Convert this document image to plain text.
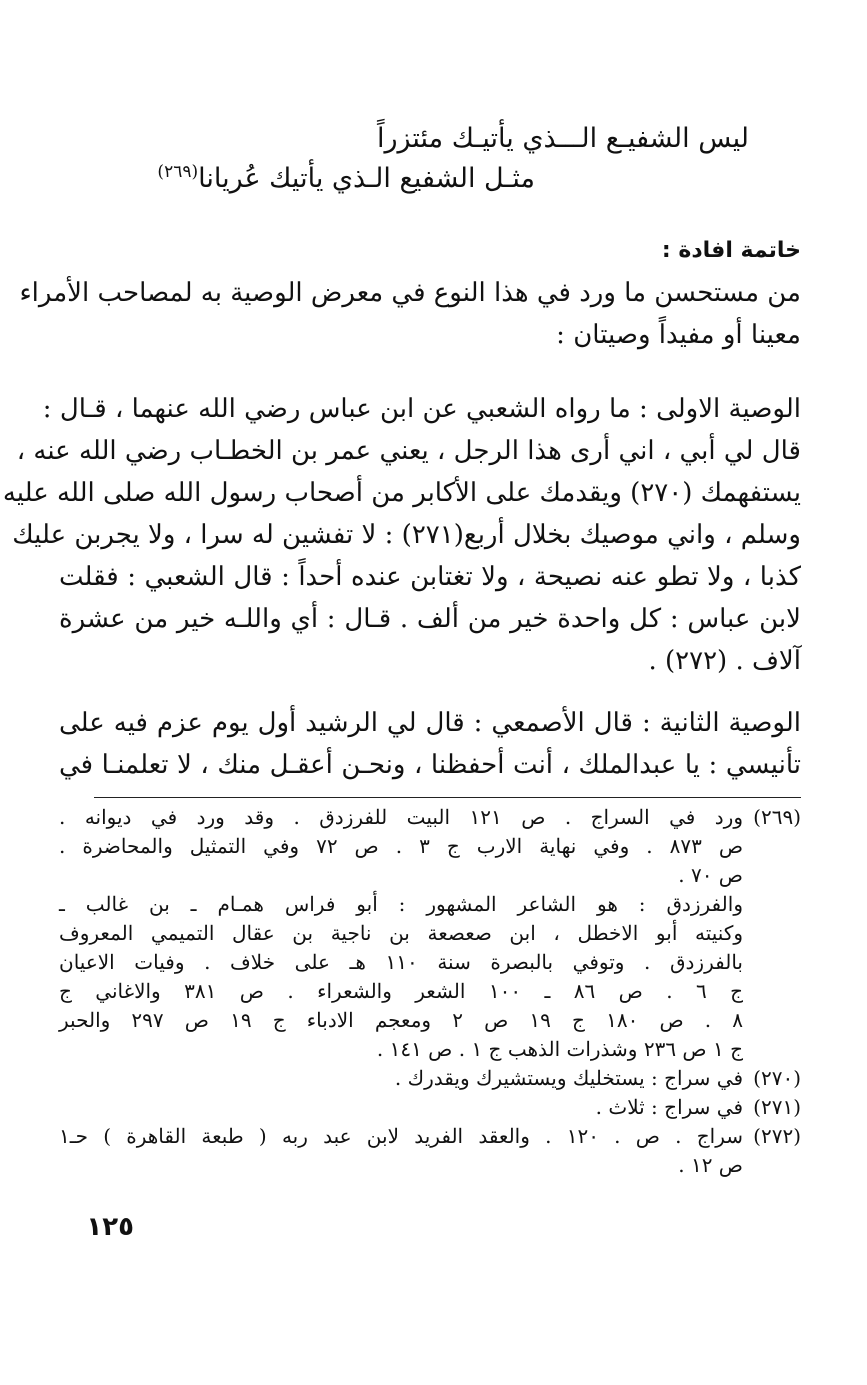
ليس الشفيـع الـــذي يأتيـك مئتزراً
مثـل الشفيع الـذي يأتيك عُريانا$^{(٢٦٩)}$
خاتمة افادة :
من مستحسن ما ورد في هذا النوع في معرض الوصية به لمصاحب الأمراء
معينا أو مفيداً وصيتان :
الوصية الاولى : ما رواه الشعبي عن ابن عباس رضي الله عنهما ، قـال :
قال لي أبي ، اني أرى هذا الرجل ، يعني عمر بن الخطـاب رضي الله عنه ،
يستفهمك (٢٧٠) ويقدمك على الأكابر من أصحاب رسول الله صلى الله عليه
وسلم ، واني موصيك بخلال أربع(٢٧١) : لا تفشين له سرا ، ولا يجربن عليك
كذبا ، ولا تطو عنه نصيحة ، ولا تغتابن عنده أحداً : قال الشعبي : فقلت
لابن عباس : كل واحدة خير من ألف . قـال : أي واللـه خير من عشرة
آلاف . (٢٧٢) .
الوصية الثانية : قال الأصمعي : قال لي الرشيد أول يوم عزم فيه على
تأنيسي : يا عبدالملك ، أنت أحفظنا ، ونحـن أعقـل منك ، لا تعلمنـا في
(٢٦٩)
ورد في السراج . ص ١٢١ البيت للفرزدق . وقد ورد في ديوانه .
ص ٨٧٣ . وفي نهاية الارب ج ٣ . ص ٧٢ وفي التمثيل والمحاضرة .
ص ٧٠ .
والفرزدق : هو الشاعر المشهور : أبو فراس همـام ـ بن غالب ـ
وكنيته أبو الاخطل ، ابن صعصعة بن ناجية بن عقال التميمي المعروف
بالفرزدق . وتوفي بالبصرة سنة ١١٠ هـ على خلاف . وفيات الاعيان
ج ٦ . ص ٨٦ ـ ١٠٠ الشعر والشعراء . ص ٣٨١ والاغاني ج
٨ . ص ١٨٠ ج ١٩ ص ٢ ومعجم الادباء ج ١٩ ص ٢٩٧ والحبر
ج ١ ص ٢٣٦ وشذرات الذهب ج ١ . ص ١٤١ .
(٢٧٠)
في سراج : يستخليك ويستشيرك ويقدرك .
(٢٧١)
في سراج : ثلاث .
(٢٧٢)
سراج . ص . ١٢٠ . والعقد الفريد لابن عبد ربه ( طبعة القاهرة ) حـ١
ص ١٢ .
١٢٥
